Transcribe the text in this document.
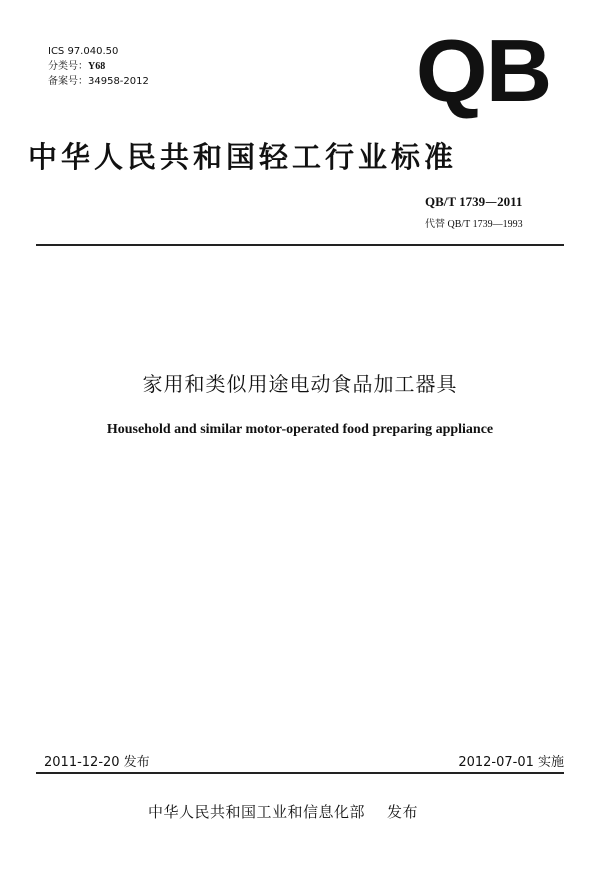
ICS 97.040.50
分类号：Y68
备案号：34958-2012	QB
中华人民共和国轻工行业标准
QB/T 1739—2011
代替 QB/T 1739—1993
家用和类似用途电动食品加工器具
Household and similar motor-operated food preparing appliance
2011-12-20 发布	2012-07-01 实施
中华人民共和国工业和信息化部 发布
